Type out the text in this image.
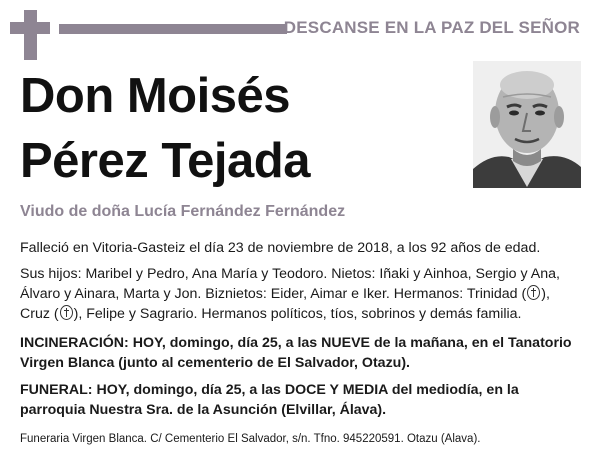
DESCANSE EN LA PAZ DEL SEÑOR
Don Moisés
Pérez Tejada
Viudo de doña Lucía Fernández Fernández
Falleció en Vitoria-Gasteiz el día 23 de noviembre de 2018, a los 92 años de edad.
Sus hijos: Maribel y Pedro, Ana María y Teodoro. Nietos: Iñaki y Ainhoa, Sergio y Ana, Álvaro y Ainara, Marta y Jon. Biznietos: Eider, Aimar e Iker. Hermanos: Trinidad ( ), Cruz ( ), Felipe y Sagrario. Hermanos políticos, tíos, sobrinos y demás familia.
INCINERACIÓN: HOY, domingo, día 25, a las NUEVE de la mañana, en el Tanatorio Virgen Blanca (junto al cementerio de El Salvador, Otazu).
FUNERAL: HOY, domingo, día 25, a las DOCE Y MEDIA del mediodía, en la parroquia Nuestra Sra. de la Asunción (Elvillar, Álava).
Funeraria Virgen Blanca. C/ Cementerio El Salvador, s/n. Tfno. 945220591. Otazu (Alava).
